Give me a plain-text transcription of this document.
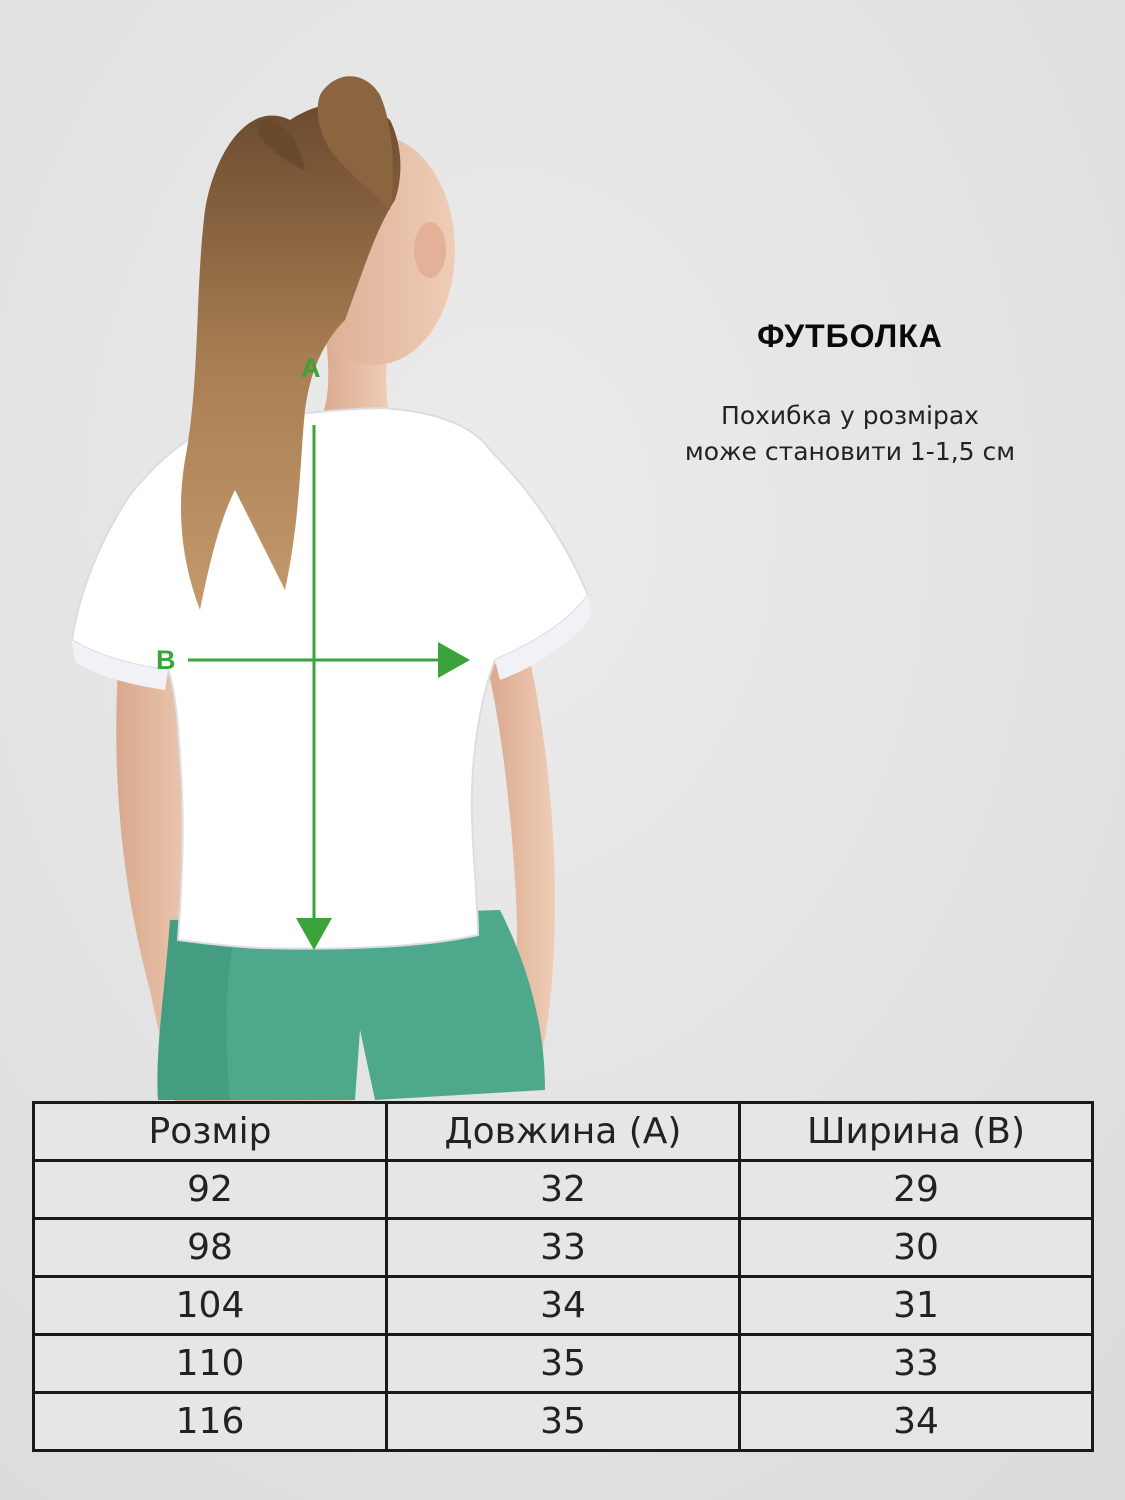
A
B
ФУТБОЛКА
Похибка у розмірах
може становити 1-1,5 см
Розмір	Довжина (A)	Ширина (B)
92	32	29
98	33	30
104	34	31
110	35	33
116	35	34
